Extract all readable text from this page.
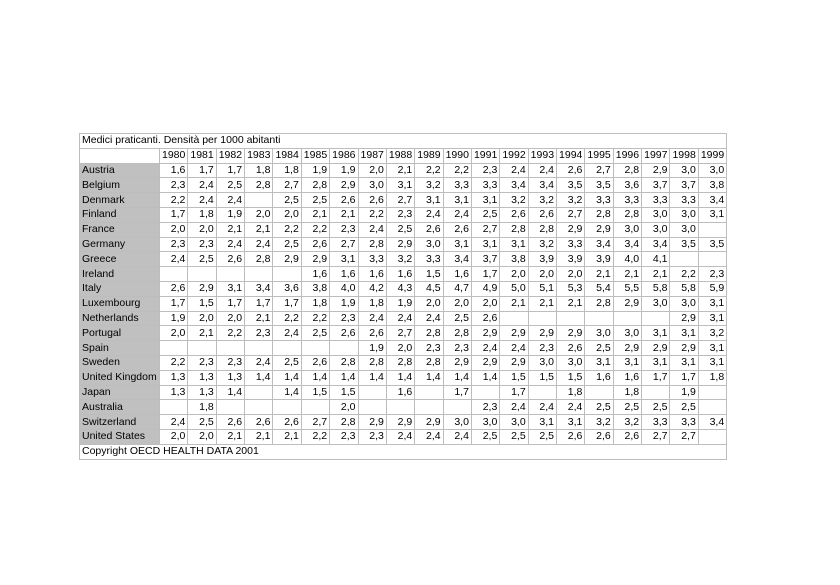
Medici praticanti. Densità per 1000 abitanti																				
	1980	1981	1982	1983	1984	1985	1986	1987	1988	1989	1990	1991	1992	1993	1994	1995	1996	1997	1998	1999
Austria	1,6	1,7	1,7	1,8	1,8	1,9	1,9	2,0	2,1	2,2	2,2	2,3	2,4	2,4	2,6	2,7	2,8	2,9	3,0	3,0
Belgium	2,3	2,4	2,5	2,8	2,7	2,8	2,9	3,0	3,1	3,2	3,3	3,3	3,4	3,4	3,5	3,5	3,6	3,7	3,7	3,8
Denmark	2,2	2,4	2,4		2,5	2,5	2,6	2,6	2,7	3,1	3,1	3,1	3,2	3,2	3,2	3,3	3,3	3,3	3,3	3,4
Finland	1,7	1,8	1,9	2,0	2,0	2,1	2,1	2,2	2,3	2,4	2,4	2,5	2,6	2,6	2,7	2,8	2,8	3,0	3,0	3,1
France	2,0	2,0	2,1	2,1	2,2	2,2	2,3	2,4	2,5	2,6	2,6	2,7	2,8	2,8	2,9	2,9	3,0	3,0	3,0	
Germany	2,3	2,3	2,4	2,4	2,5	2,6	2,7	2,8	2,9	3,0	3,1	3,1	3,1	3,2	3,3	3,4	3,4	3,4	3,5	3,5
Greece	2,4	2,5	2,6	2,8	2,9	2,9	3,1	3,3	3,2	3,3	3,4	3,7	3,8	3,9	3,9	3,9	4,0	4,1		
Ireland						1,6	1,6	1,6	1,6	1,5	1,6	1,7	2,0	2,0	2,0	2,1	2,1	2,1	2,2	2,3
Italy	2,6	2,9	3,1	3,4	3,6	3,8	4,0	4,2	4,3	4,5	4,7	4,9	5,0	5,1	5,3	5,4	5,5	5,8	5,8	5,9
Luxembourg	1,7	1,5	1,7	1,7	1,7	1,8	1,9	1,8	1,9	2,0	2,0	2,0	2,1	2,1	2,1	2,8	2,9	3,0	3,0	3,1
Netherlands	1,9	2,0	2,0	2,1	2,2	2,2	2,3	2,4	2,4	2,4	2,5	2,6							2,9	3,1
Portugal	2,0	2,1	2,2	2,3	2,4	2,5	2,6	2,6	2,7	2,8	2,8	2,9	2,9	2,9	2,9	3,0	3,0	3,1	3,1	3,2
Spain								1,9	2,0	2,3	2,3	2,4	2,4	2,3	2,6	2,5	2,9	2,9	2,9	3,1
Sweden	2,2	2,3	2,3	2,4	2,5	2,6	2,8	2,8	2,8	2,8	2,9	2,9	2,9	3,0	3,0	3,1	3,1	3,1	3,1	3,1
United Kingdom	1,3	1,3	1,3	1,4	1,4	1,4	1,4	1,4	1,4	1,4	1,4	1,4	1,5	1,5	1,5	1,6	1,6	1,7	1,7	1,8
Japan	1,3	1,3	1,4		1,4	1,5	1,5		1,6		1,7		1,7		1,8		1,8		1,9	
Australia		1,8					2,0					2,3	2,4	2,4	2,4	2,5	2,5	2,5	2,5	
Switzerland	2,4	2,5	2,6	2,6	2,6	2,7	2,8	2,9	2,9	2,9	3,0	3,0	3,0	3,1	3,1	3,2	3,2	3,3	3,3	3,4
United States	2,0	2,0	2,1	2,1	2,1	2,2	2,3	2,3	2,4	2,4	2,4	2,5	2,5	2,5	2,6	2,6	2,6	2,7	2,7	
Copyright OECD HEALTH DATA 2001																				
